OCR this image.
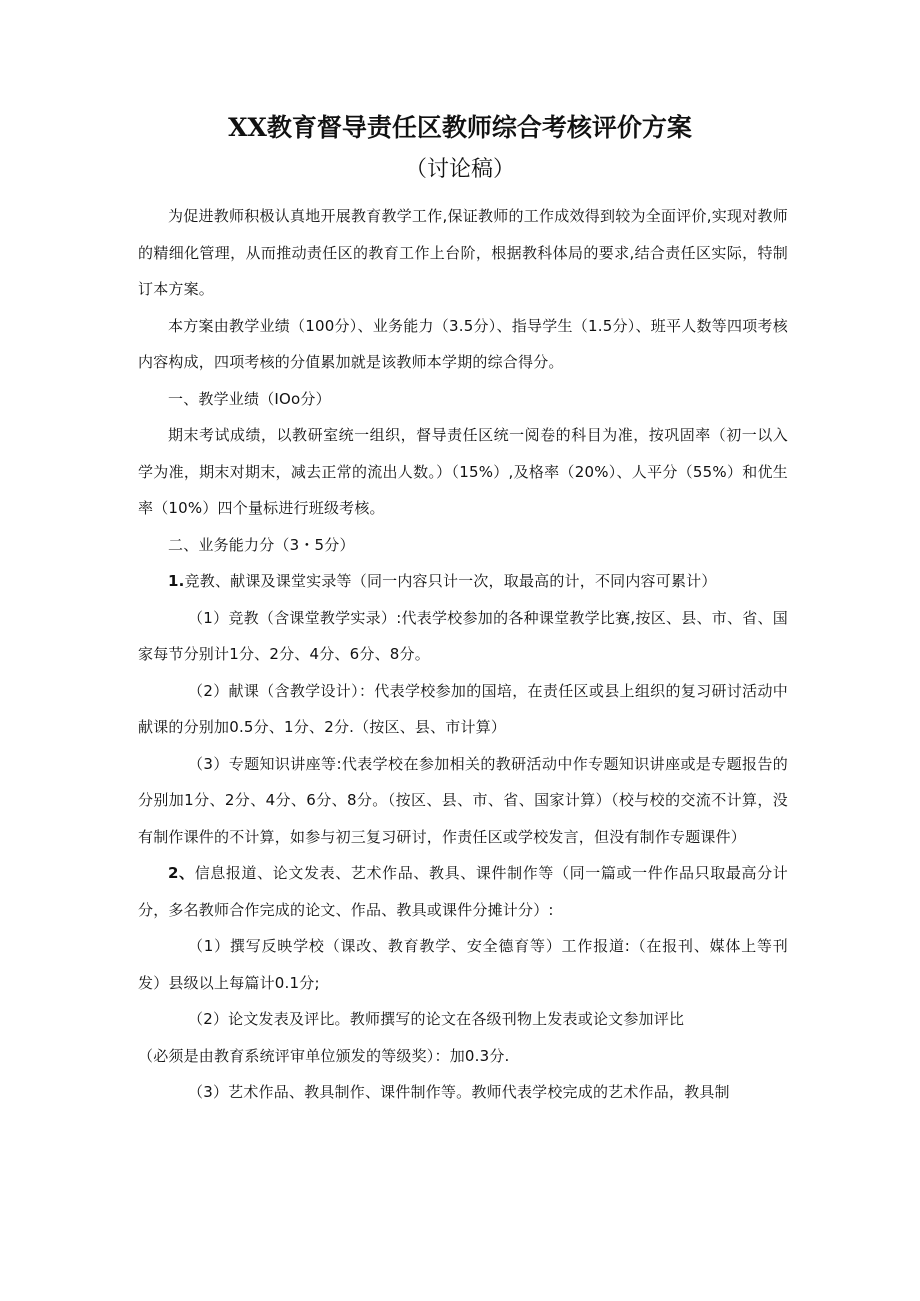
XX教育督导责任区教师综合考核评价方案
（讨论稿）

为促进教师积极认真地开展教育教学工作,保证教师的工作成效得到较为全面评价,实现对教师的精细化管理，从而推动责任区的教育工作上台阶，根据教科体局的要求,结合责任区实际，特制订本方案。

本方案由教学业绩（100分）、业务能力（3.5分）、指导学生（1.5分）、班平人数等四项考核内容构成，四项考核的分值累加就是该教师本学期的综合得分。

一、教学业绩（IOo分）

期末考试成绩，以教研室统一组织，督导责任区统一阅卷的科目为准，按巩固率（初一以入学为准，期末对期末，减去正常的流出人数。）（15%）,及格率（20%）、人平分（55%）和优生率（10%）四个量标进行班级考核。

二、业务能力分（3・5分）

1.竞教、献课及课堂实录等（同一内容只计一次，取最高的计，不同内容可累计）

（1）竞教（含课堂教学实录）:代表学校参加的各种课堂教学比赛,按区、县、市、省、国家每节分别计1分、2分、4分、6分、8分。

（2）献课（含教学设计）：代表学校参加的国培，在责任区或县上组织的复习研讨活动中献课的分别加0.5分、1分、2分.（按区、县、市计算）

（3）专题知识讲座等:代表学校在参加相关的教研活动中作专题知识讲座或是专题报告的分别加1分、2分、4分、6分、8分。（按区、县、市、省、国家计算）（校与校的交流不计算，没有制作课件的不计算，如参与初三复习研讨，作责任区或学校发言，但没有制作专题课件）

2、信息报道、论文发表、艺术作品、教具、课件制作等（同一篇或一件作品只取最高分计分，多名教师合作完成的论文、作品、教具或课件分摊计分）:

（1）撰写反映学校（课改、教育教学、安全德育等）工作报道:（在报刊、媒体上等刊发）县级以上每篇计0.1分;

（2）论文发表及评比。教师撰写的论文在各级刊物上发表或论文参加评比

（必须是由教育系统评审单位颁发的等级奖）：加0.3分.

（3）艺术作品、教具制作、课件制作等。教师代表学校完成的艺术作品，教具制
